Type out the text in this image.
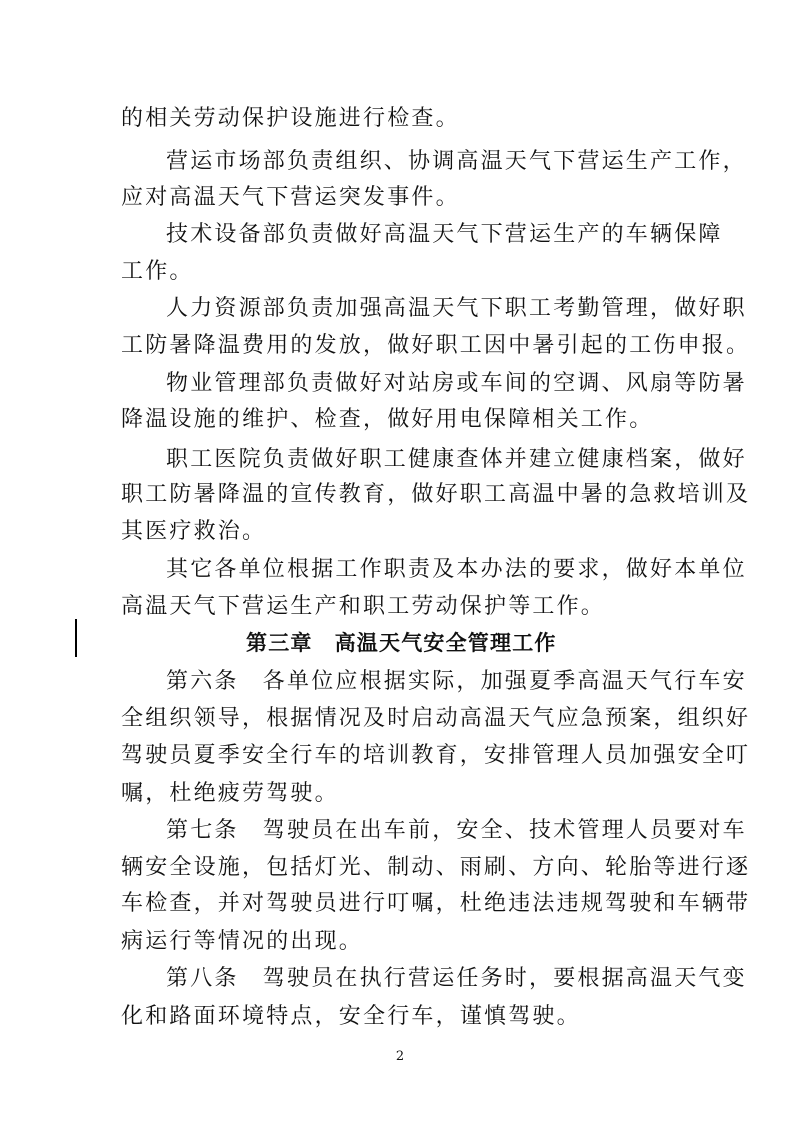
的相关劳动保护设施进行检查。
营运市场部负责组织、协调高温天气下营运生产工作，
应对高温天气下营运突发事件。
技术设备部负责做好高温天气下营运生产的车辆保障
工作。
人力资源部负责加强高温天气下职工考勤管理，做好职
工防暑降温费用的发放，做好职工因中暑引起的工伤申报。
物业管理部负责做好对站房或车间的空调、风扇等防暑
降温设施的维护、检查，做好用电保障相关工作。
职工医院负责做好职工健康查体并建立健康档案，做好
职工防暑降温的宣传教育，做好职工高温中暑的急救培训及
其医疗救治。
其它各单位根据工作职责及本办法的要求，做好本单位
高温天气下营运生产和职工劳动保护等工作。
第三章 高温天气安全管理工作
第六条　各单位应根据实际，加强夏季高温天气行车安
全组织领导，根据情况及时启动高温天气应急预案，组织好
驾驶员夏季安全行车的培训教育，安排管理人员加强安全叮
嘱，杜绝疲劳驾驶。
第七条　驾驶员在出车前，安全、技术管理人员要对车
辆安全设施，包括灯光、制动、雨刷、方向、轮胎等进行逐
车检查，并对驾驶员进行叮嘱，杜绝违法违规驾驶和车辆带
病运行等情况的出现。
第八条　驾驶员在执行营运任务时，要根据高温天气变
化和路面环境特点，安全行车，谨慎驾驶。
2
